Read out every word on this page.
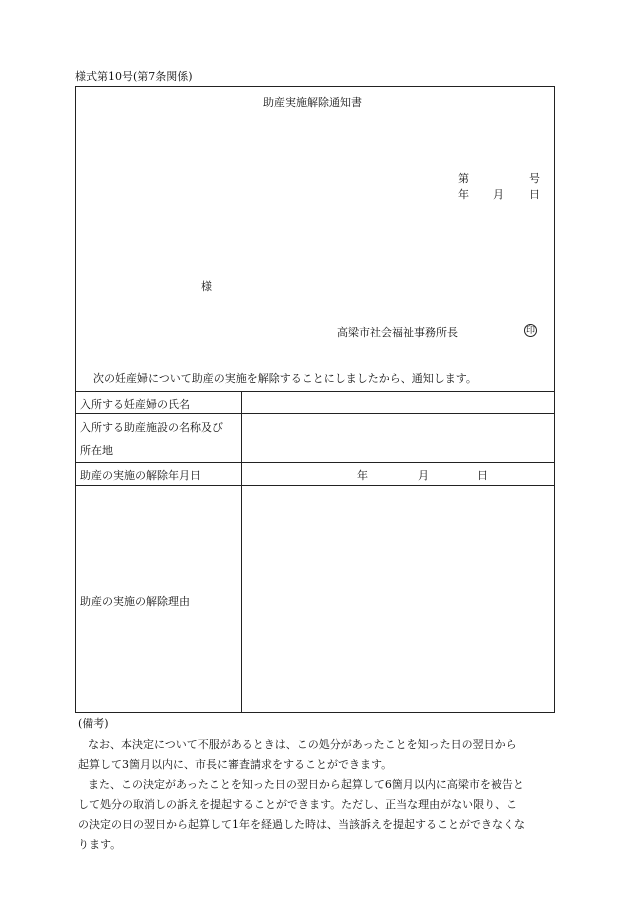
様式第10号(第7条関係)
助産実施解除通知書
第	号
年 月 日
様
高梁市社会福祉事務所長	印
次の妊産婦について助産の実施を解除することにしましたから、通知します。
入所する妊産婦の氏名
入所する助産施設の名称及び
所在地
助産の実施の解除年月日	年	月	日
助産の実施の解除理由
(備考)
なお、本決定について不服があるときは、この処分があったことを知った日の翌日から
起算して3箇月以内に、市長に審査請求をすることができます。
また、この決定があったことを知った日の翌日から起算して6箇月以内に高梁市を被告と
して処分の取消しの訴えを提起することができます。ただし、正当な理由がない限り、こ
の決定の日の翌日から起算して1年を経過した時は、当該訴えを提起することができなくな
ります。
